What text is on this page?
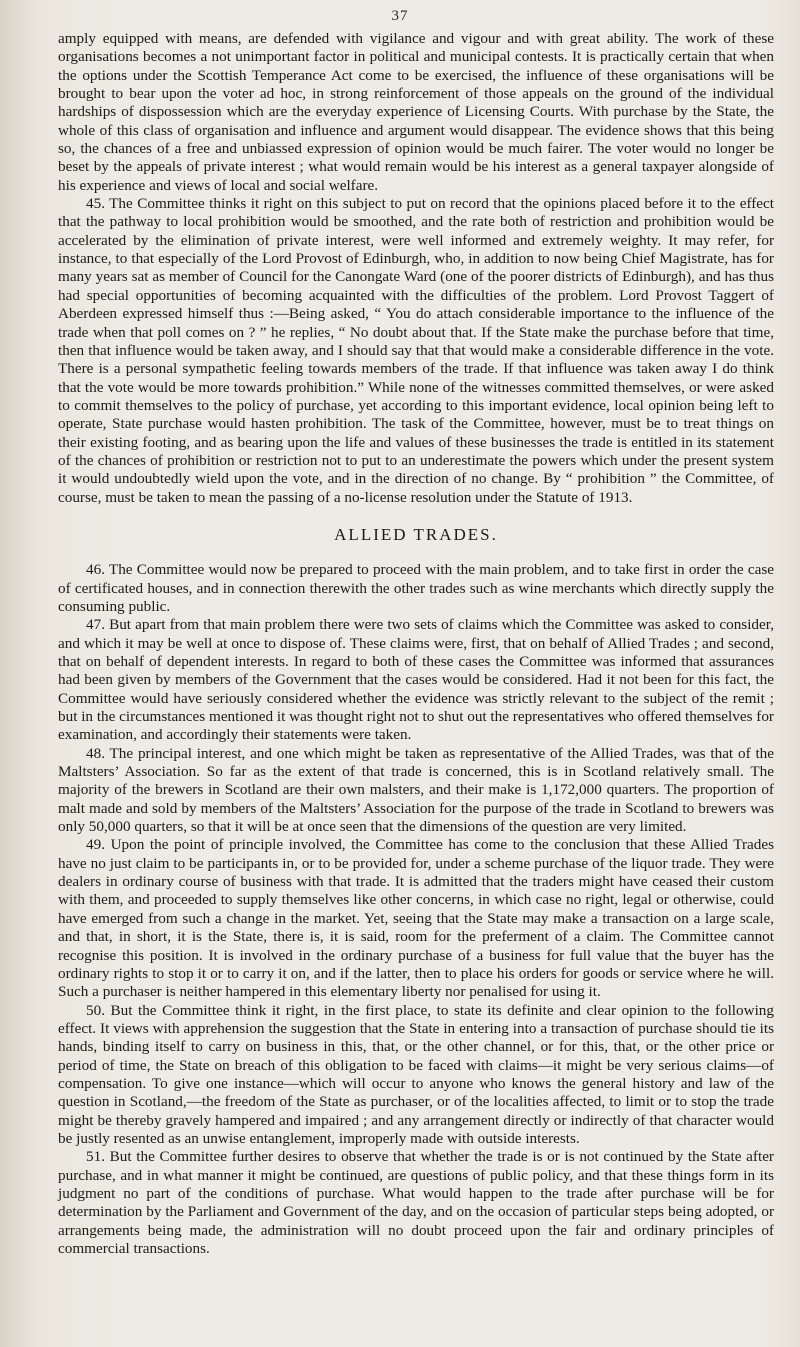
37

amply equipped with means, are defended with vigilance and vigour and with great ability. The work of these organisations becomes a not unimportant factor in political and municipal contests. It is practically certain that when the options under the Scottish Temperance Act come to be exercised, the influence of these organisations will be brought to bear upon the voter ad hoc, in strong reinforcement of those appeals on the ground of the individual hardships of dispossession which are the everyday experience of Licensing Courts. With purchase by the State, the whole of this class of organisation and influence and argument would disappear. The evidence shows that this being so, the chances of a free and unbiassed expression of opinion would be much fairer. The voter would no longer be beset by the appeals of private interest ; what would remain would be his interest as a general taxpayer alongside of his experience and views of local and social welfare.

45. The Committee thinks it right on this subject to put on record that the opinions placed before it to the effect that the pathway to local prohibition would be smoothed, and the rate both of restriction and prohibition would be accelerated by the elimination of private interest, were well informed and extremely weighty. It may refer, for instance, to that especially of the Lord Provost of Edinburgh, who, in addition to now being Chief Magistrate, has for many years sat as member of Council for the Canongate Ward (one of the poorer districts of Edinburgh), and has thus had special opportunities of becoming acquainted with the difficulties of the problem. Lord Provost Taggert of Aberdeen expressed himself thus :—Being asked, “ You do attach considerable importance to the influence of the trade when that poll comes on ? ” he replies, “ No doubt about that. If the State make the purchase before that time, then that influence would be taken away, and I should say that that would make a considerable difference in the vote. There is a personal sympathetic feeling towards members of the trade. If that influence was taken away I do think that the vote would be more towards prohibition.” While none of the witnesses committed themselves, or were asked to commit themselves to the policy of purchase, yet according to this important evidence, local opinion being left to operate, State purchase would hasten prohibition. The task of the Committee, however, must be to treat things on their existing footing, and as bearing upon the life and values of these businesses the trade is entitled in its statement of the chances of prohibition or restriction not to put to an underestimate the powers which under the present system it would undoubtedly wield upon the vote, and in the direction of no change. By “ prohibition ” the Committee, of course, must be taken to mean the passing of a no-license resolution under the Statute of 1913.

ALLIED TRADES.

46. The Committee would now be prepared to proceed with the main problem, and to take first in order the case of certificated houses, and in connection therewith the other trades such as wine merchants which directly supply the consuming public.

47. But apart from that main problem there were two sets of claims which the Committee was asked to consider, and which it may be well at once to dispose of. These claims were, first, that on behalf of Allied Trades ; and second, that on behalf of dependent interests. In regard to both of these cases the Committee was informed that assurances had been given by members of the Government that the cases would be considered. Had it not been for this fact, the Committee would have seriously considered whether the evidence was strictly relevant to the subject of the remit ; but in the circumstances mentioned it was thought right not to shut out the representatives who offered themselves for examination, and accordingly their statements were taken.

48. The principal interest, and one which might be taken as representative of the Allied Trades, was that of the Maltsters’ Association. So far as the extent of that trade is concerned, this is in Scotland relatively small. The majority of the brewers in Scotland are their own malsters, and their make is 1,172,000 quarters. The proportion of malt made and sold by members of the Maltsters’ Association for the purpose of the trade in Scotland to brewers was only 50,000 quarters, so that it will be at once seen that the dimensions of the question are very limited.

49. Upon the point of principle involved, the Committee has come to the conclusion that these Allied Trades have no just claim to be participants in, or to be provided for, under a scheme purchase of the liquor trade. They were dealers in ordinary course of business with that trade. It is admitted that the traders might have ceased their custom with them, and proceeded to supply themselves like other concerns, in which case no right, legal or otherwise, could have emerged from such a change in the market. Yet, seeing that the State may make a transaction on a large scale, and that, in short, it is the State, there is, it is said, room for the preferment of a claim. The Committee cannot recognise this position. It is involved in the ordinary purchase of a business for full value that the buyer has the ordinary rights to stop it or to carry it on, and if the latter, then to place his orders for goods or service where he will. Such a purchaser is neither hampered in this elementary liberty nor penalised for using it.

50. But the Committee think it right, in the first place, to state its definite and clear opinion to the following effect. It views with apprehension the suggestion that the State in entering into a transaction of purchase should tie its hands, binding itself to carry on business in this, that, or the other channel, or for this, that, or the other price or period of time, the State on breach of this obligation to be faced with claims—it might be very serious claims—of compensation. To give one instance—which will occur to anyone who knows the general history and law of the question in Scotland,—the freedom of the State as purchaser, or of the localities affected, to limit or to stop the trade might be thereby gravely hampered and impaired ; and any arrangement directly or indirectly of that character would be justly resented as an unwise entanglement, improperly made with outside interests.

51. But the Committee further desires to observe that whether the trade is or is not continued by the State after purchase, and in what manner it might be continued, are questions of public policy, and that these things form in its judgment no part of the conditions of purchase. What would happen to the trade after purchase will be for determination by the Parliament and Government of the day, and on the occasion of particular steps being adopted, or arrangements being made, the administration will no doubt proceed upon the fair and ordinary principles of commercial transactions.
